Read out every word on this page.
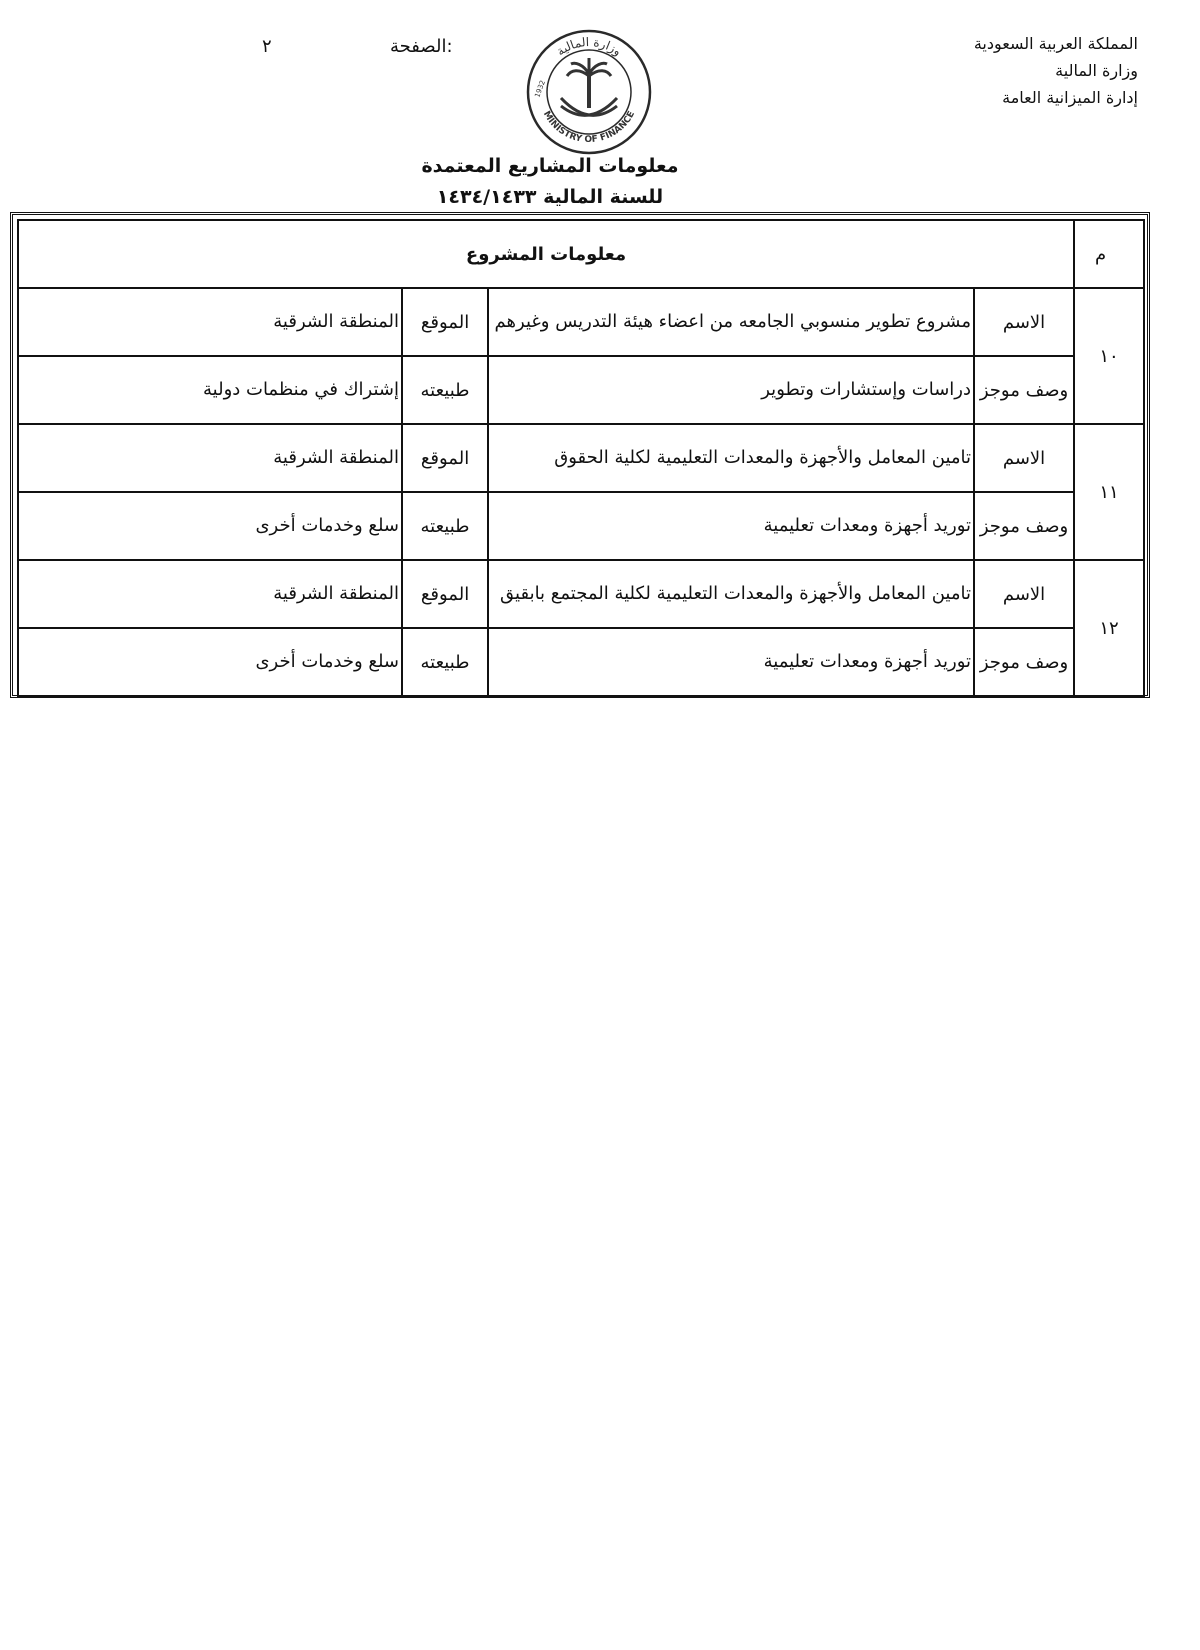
المملكة العربية السعودية
وزارة المالية
إدارة الميزانية العامة
الصفحة:
٢	وزارة المالية
MINISTRY OF FINANCE
1932
معلومات المشاريع المعتمدة
للسنة المالية ١٤٣٤/١٤٣٣
م	معلومات المشروع			
١٠	الاسم	مشروع تطوير منسوبي الجامعه من اعضاء هيئة التدريس وغيرهم	الموقع	المنطقة الشرقية
	وصف موجز	دراسات وإستشارات وتطوير	طبيعته	إشتراك في منظمات دولية
١١	الاسم	تامين المعامل والأجهزة والمعدات التعليمية لكلية الحقوق	الموقع	المنطقة الشرقية
	وصف موجز	توريد أجهزة ومعدات تعليمية	طبيعته	سلع وخدمات أخرى
١٢	الاسم	تامين المعامل والأجهزة والمعدات التعليمية لكلية المجتمع بابقيق	الموقع	المنطقة الشرقية
	وصف موجز	توريد أجهزة ومعدات تعليمية	طبيعته	سلع وخدمات أخرى
